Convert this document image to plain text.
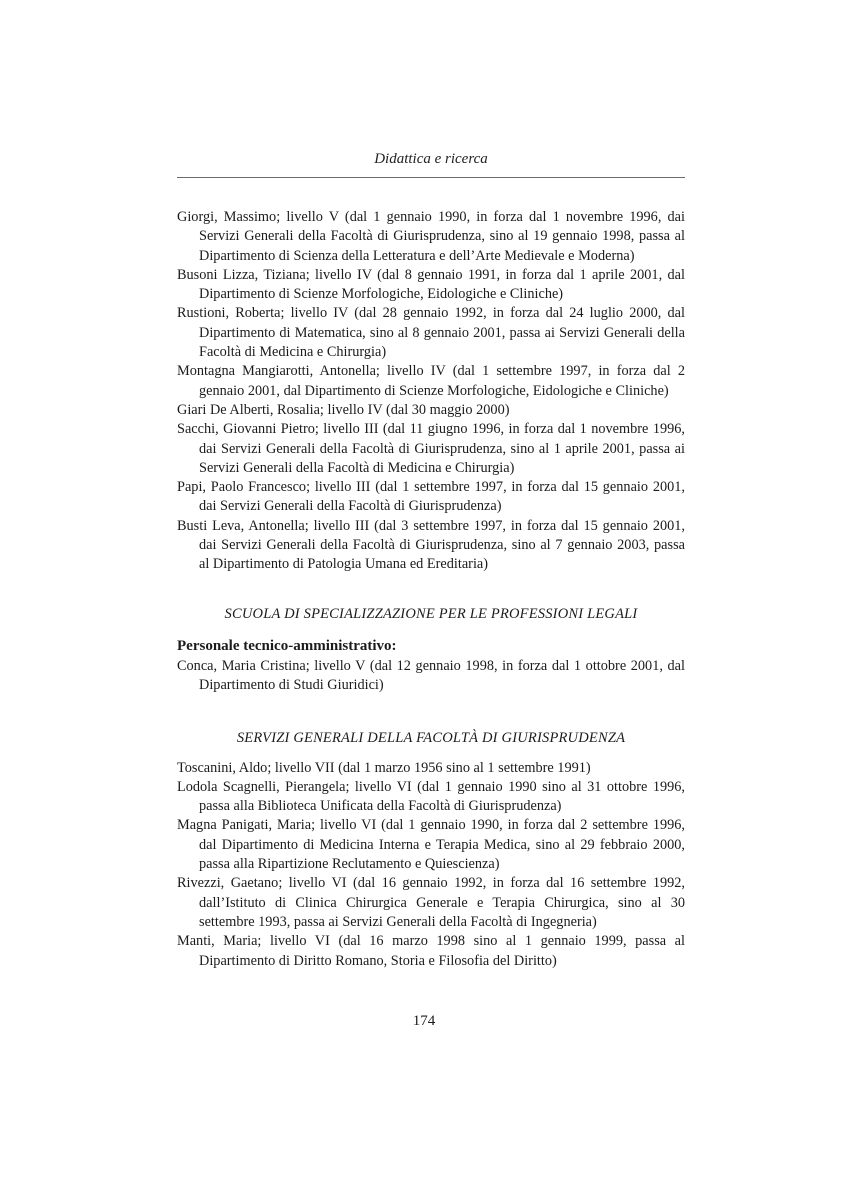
Didattica e ricerca

Giorgi, Massimo; livello V (dal 1 gennaio 1990, in forza dal 1 novembre 1996, dai Servizi Generali della Facoltà di Giurisprudenza, sino al 19 gennaio 1998, passa al Dipartimento di Scienza della Letteratura e dell’Arte Medievale e Moderna)

Busoni Lizza, Tiziana; livello IV (dal 8 gennaio 1991, in forza dal 1 aprile 2001, dal Dipartimento di Scienze Morfologiche, Eidologiche e Cliniche)

Rustioni, Roberta; livello IV (dal 28 gennaio 1992, in forza dal 24 luglio 2000, dal Dipartimento di Matematica, sino al 8 gennaio 2001, passa ai Servizi Generali della Facoltà di Medicina e Chirurgia)

Montagna Mangiarotti, Antonella; livello IV (dal 1 settembre 1997, in forza dal 2 gennaio 2001, dal Dipartimento di Scienze Morfologiche, Eidologiche e Cliniche)

Giari De Alberti, Rosalia; livello IV (dal 30 maggio 2000)

Sacchi, Giovanni Pietro; livello III (dal 11 giugno 1996, in forza dal 1 novembre 1996, dai Servizi Generali della Facoltà di Giurisprudenza, sino al 1 aprile 2001, passa ai Servizi Generali della Facoltà di Medicina e Chirurgia)

Papi, Paolo Francesco; livello III (dal 1 settembre 1997, in forza dal 15 gennaio 2001, dai Servizi Generali della Facoltà di Giurisprudenza)

Busti Leva, Antonella; livello III (dal 3 settembre 1997, in forza dal 15 gennaio 2001, dai Servizi Generali della Facoltà di Giurisprudenza, sino al 7 gennaio 2003, passa al Dipartimento di Patologia Umana ed Ereditaria)

SCUOLA DI SPECIALIZZAZIONE PER LE PROFESSIONI LEGALI

Personale tecnico-amministrativo:

Conca, Maria Cristina; livello V (dal 12 gennaio 1998, in forza dal 1 ottobre 2001, dal Dipartimento di Studi Giuridici)

SERVIZI GENERALI DELLA FACOLTÀ DI GIURISPRUDENZA

Toscanini, Aldo; livello VII (dal 1 marzo 1956 sino al 1 settembre 1991)

Lodola Scagnelli, Pierangela; livello VI (dal 1 gennaio 1990 sino al 31 ottobre 1996, passa alla Biblioteca Unificata della Facoltà di Giurisprudenza)

Magna Panigati, Maria; livello VI (dal 1 gennaio 1990, in forza dal 2 settembre 1996, dal Dipartimento di Medicina Interna e Terapia Medica, sino al 29 febbraio 2000, passa alla Ripartizione Reclutamento e Quiescienza)

Rivezzi, Gaetano; livello VI (dal 16 gennaio 1992, in forza dal 16 settembre 1992, dall’Istituto di Clinica Chirurgica Generale e Terapia Chirurgica, sino al 30 settembre 1993, passa ai Servizi Generali della Facoltà di Ingegneria)

Manti, Maria; livello VI (dal 16 marzo 1998 sino al 1 gennaio 1999, passa al Dipartimento di Diritto Romano, Storia e Filosofia del Diritto)

174
